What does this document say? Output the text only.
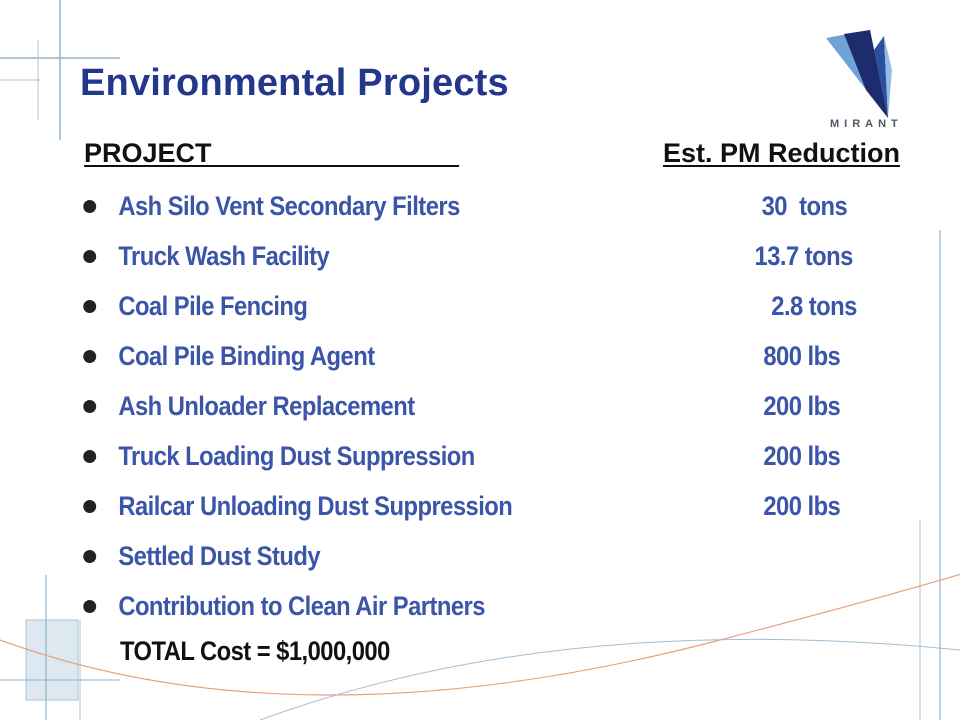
Environmental Projects
MIRANT
PROJECT	Est. PM Reduction
Ash Silo Vent Secondary Filters	30  tons
Truck Wash Facility	13.7 tons
Coal Pile Fencing	2.8 tons
Coal Pile Binding Agent	800 lbs
Ash Unloader Replacement	200 lbs
Truck Loading Dust Suppression	200 lbs
Railcar Unloading Dust Suppression	200 lbs
Settled Dust Study
Contribution to Clean Air Partners
TOTAL Cost = $1,000,000
